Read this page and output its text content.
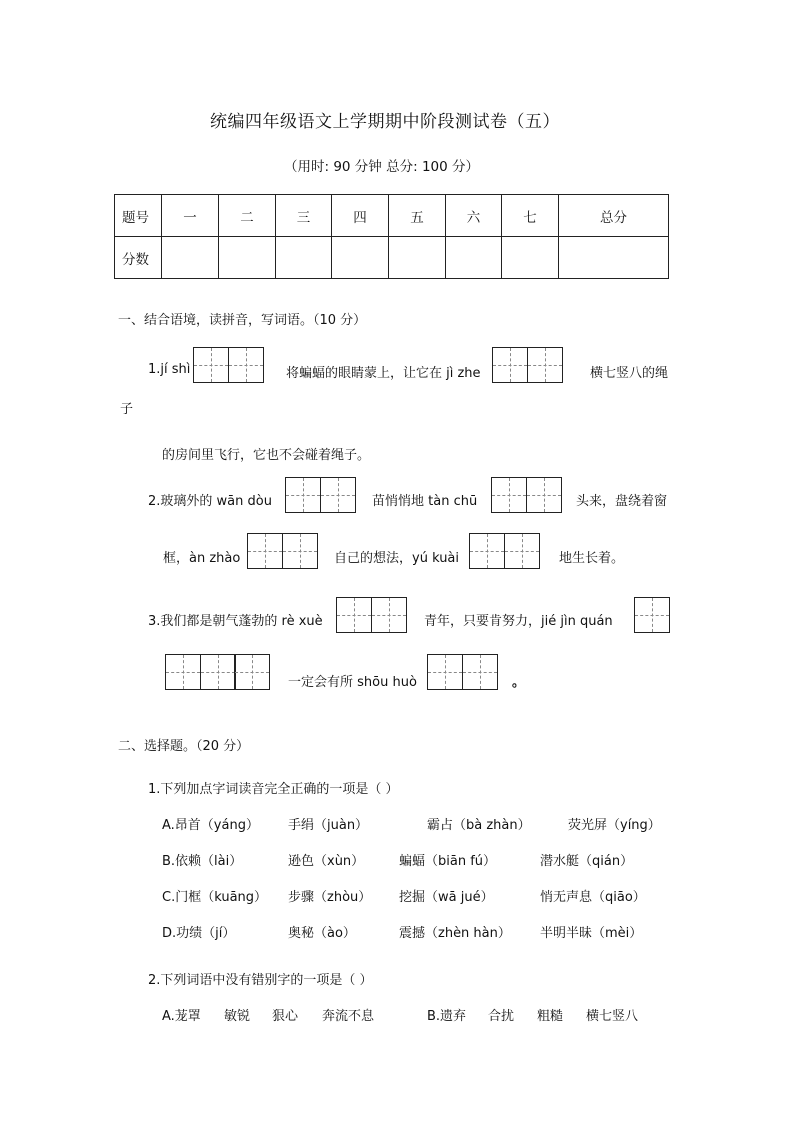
统编四年级语文上学期期中阶段测试卷（五）
（用时: 90 分钟 总分: 100 分）
题号	一	二	三	四	五	六	七	总分
分数								
一、结合语境，读拼音，写词语。（10 分）
1.jí shì	将蝙蝠的眼睛蒙上，让它在 jì zhe	横七竖八的绳
子
的房间里飞行，它也不会碰着绳子。
2.玻璃外的 wān dòu	苗悄悄地 tàn chū	头来，盘绕着窗
框，àn zhào	自己的想法，yú kuài	地生长着。
3.我们都是朝气蓬勃的 rè xuè	青年，只要肯努力，jié jìn quán
一定会有所 shōu huò	。
二、选择题。（20 分）
1.下列加点字词读音完全正确的一项是（ ）
A.昂首（yáng） 手绢（juàn）	霸占（bà zhàn）	荧光屏（yíng）
B.依赖（lài）	逊色（xùn）	蝙蝠（biān fú）	潜水艇（qián）
C.门框（kuāng） 步骤（zhòu） 挖掘（wā jué）	悄无声息（qiāo）
D.功绩（jí）	奥秘（ào）	震撼（zhèn hàn） 半明半昧（mèi）
2.下列词语中没有错别字的一项是（ ）
A.茏罩 敏锐 狠心 奔流不息	B.遗弃 合扰 粗糙 横七竖八
